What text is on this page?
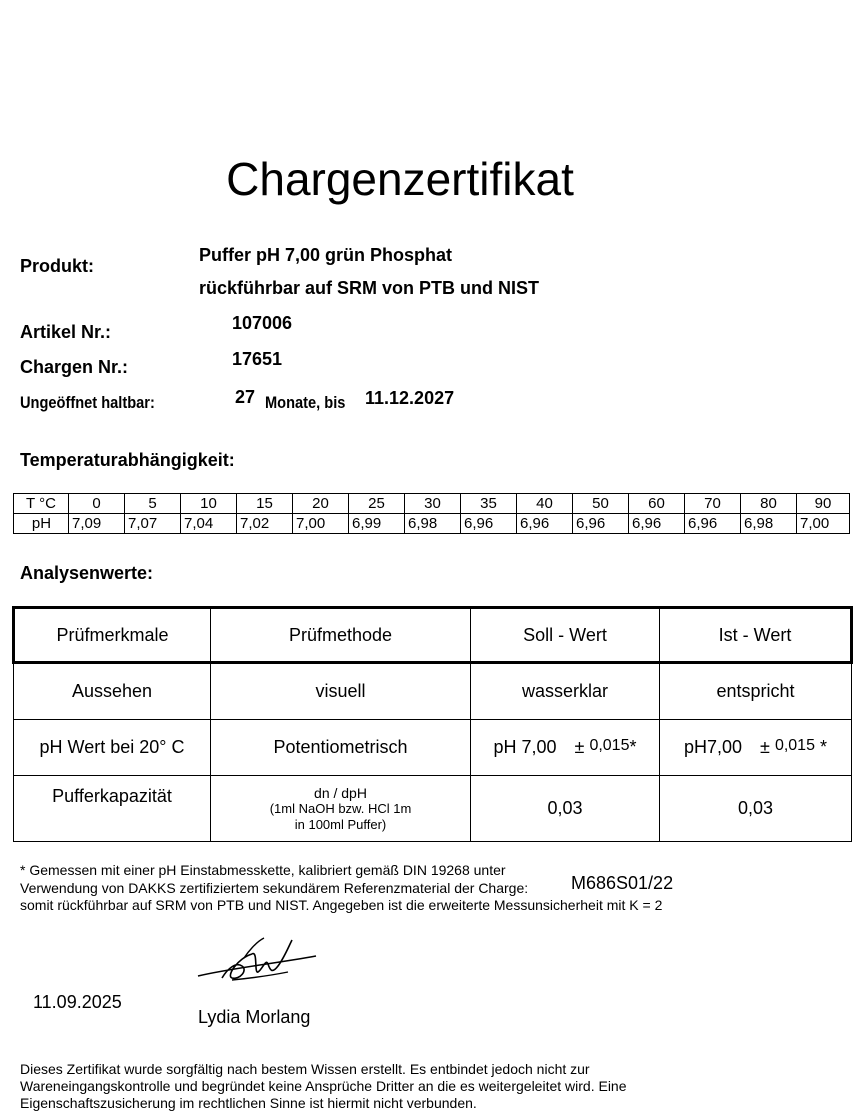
Chargenzertifikat
Produkt:
Puffer pH 7,00 grün Phosphat
rückführbar auf SRM von PTB und NIST
Artikel Nr.:	107006
Chargen Nr.:	17651
Ungeöffnet haltbar:	27 Monate, bis 11.12.2027
Temperaturabhängigkeit:
T °C	0	5	10	15	20	25	30	35	40	50	60	70	80	90
pH	7,09	7,07	7,04	7,02	7,00	6,99	6,98	6,96	6,96	6,96	6,96	6,96	6,98	7,00
Analysenwerte:
Prüfmerkmale	Prüfmethode	Soll - Wert	Ist - Wert
Aussehen	visuell	wasserklar	entspricht
pH Wert bei 20° C	Potentiometrisch	pH 7,00 ± 0,015*	pH7,00 ± 0,015 *
Pufferkapazität	dn / dpH
(1ml NaOH bzw. HCl 1m
in 100ml Puffer)	0,03	0,03
* Gemessen mit einer pH Einstabmesskette, kalibriert gemäß DIN 19268 unter
Verwendung von DAKKS zertifiziertem sekundärem Referenzmaterial der Charge: M686S01/22
somit rückführbar auf SRM von PTB und NIST. Angegeben ist die erweiterte Messunsicherheit mit K = 2
11.09.2025
Lydia Morlang
Dieses Zertifikat wurde sorgfältig nach bestem Wissen erstellt. Es entbindet jedoch nicht zur
Wareneingangskontrolle und begründet keine Ansprüche Dritter an die es weitergeleitet wird. Eine
Eigenschaftszusicherung im rechtlichen Sinne ist hiermit nicht verbunden.
